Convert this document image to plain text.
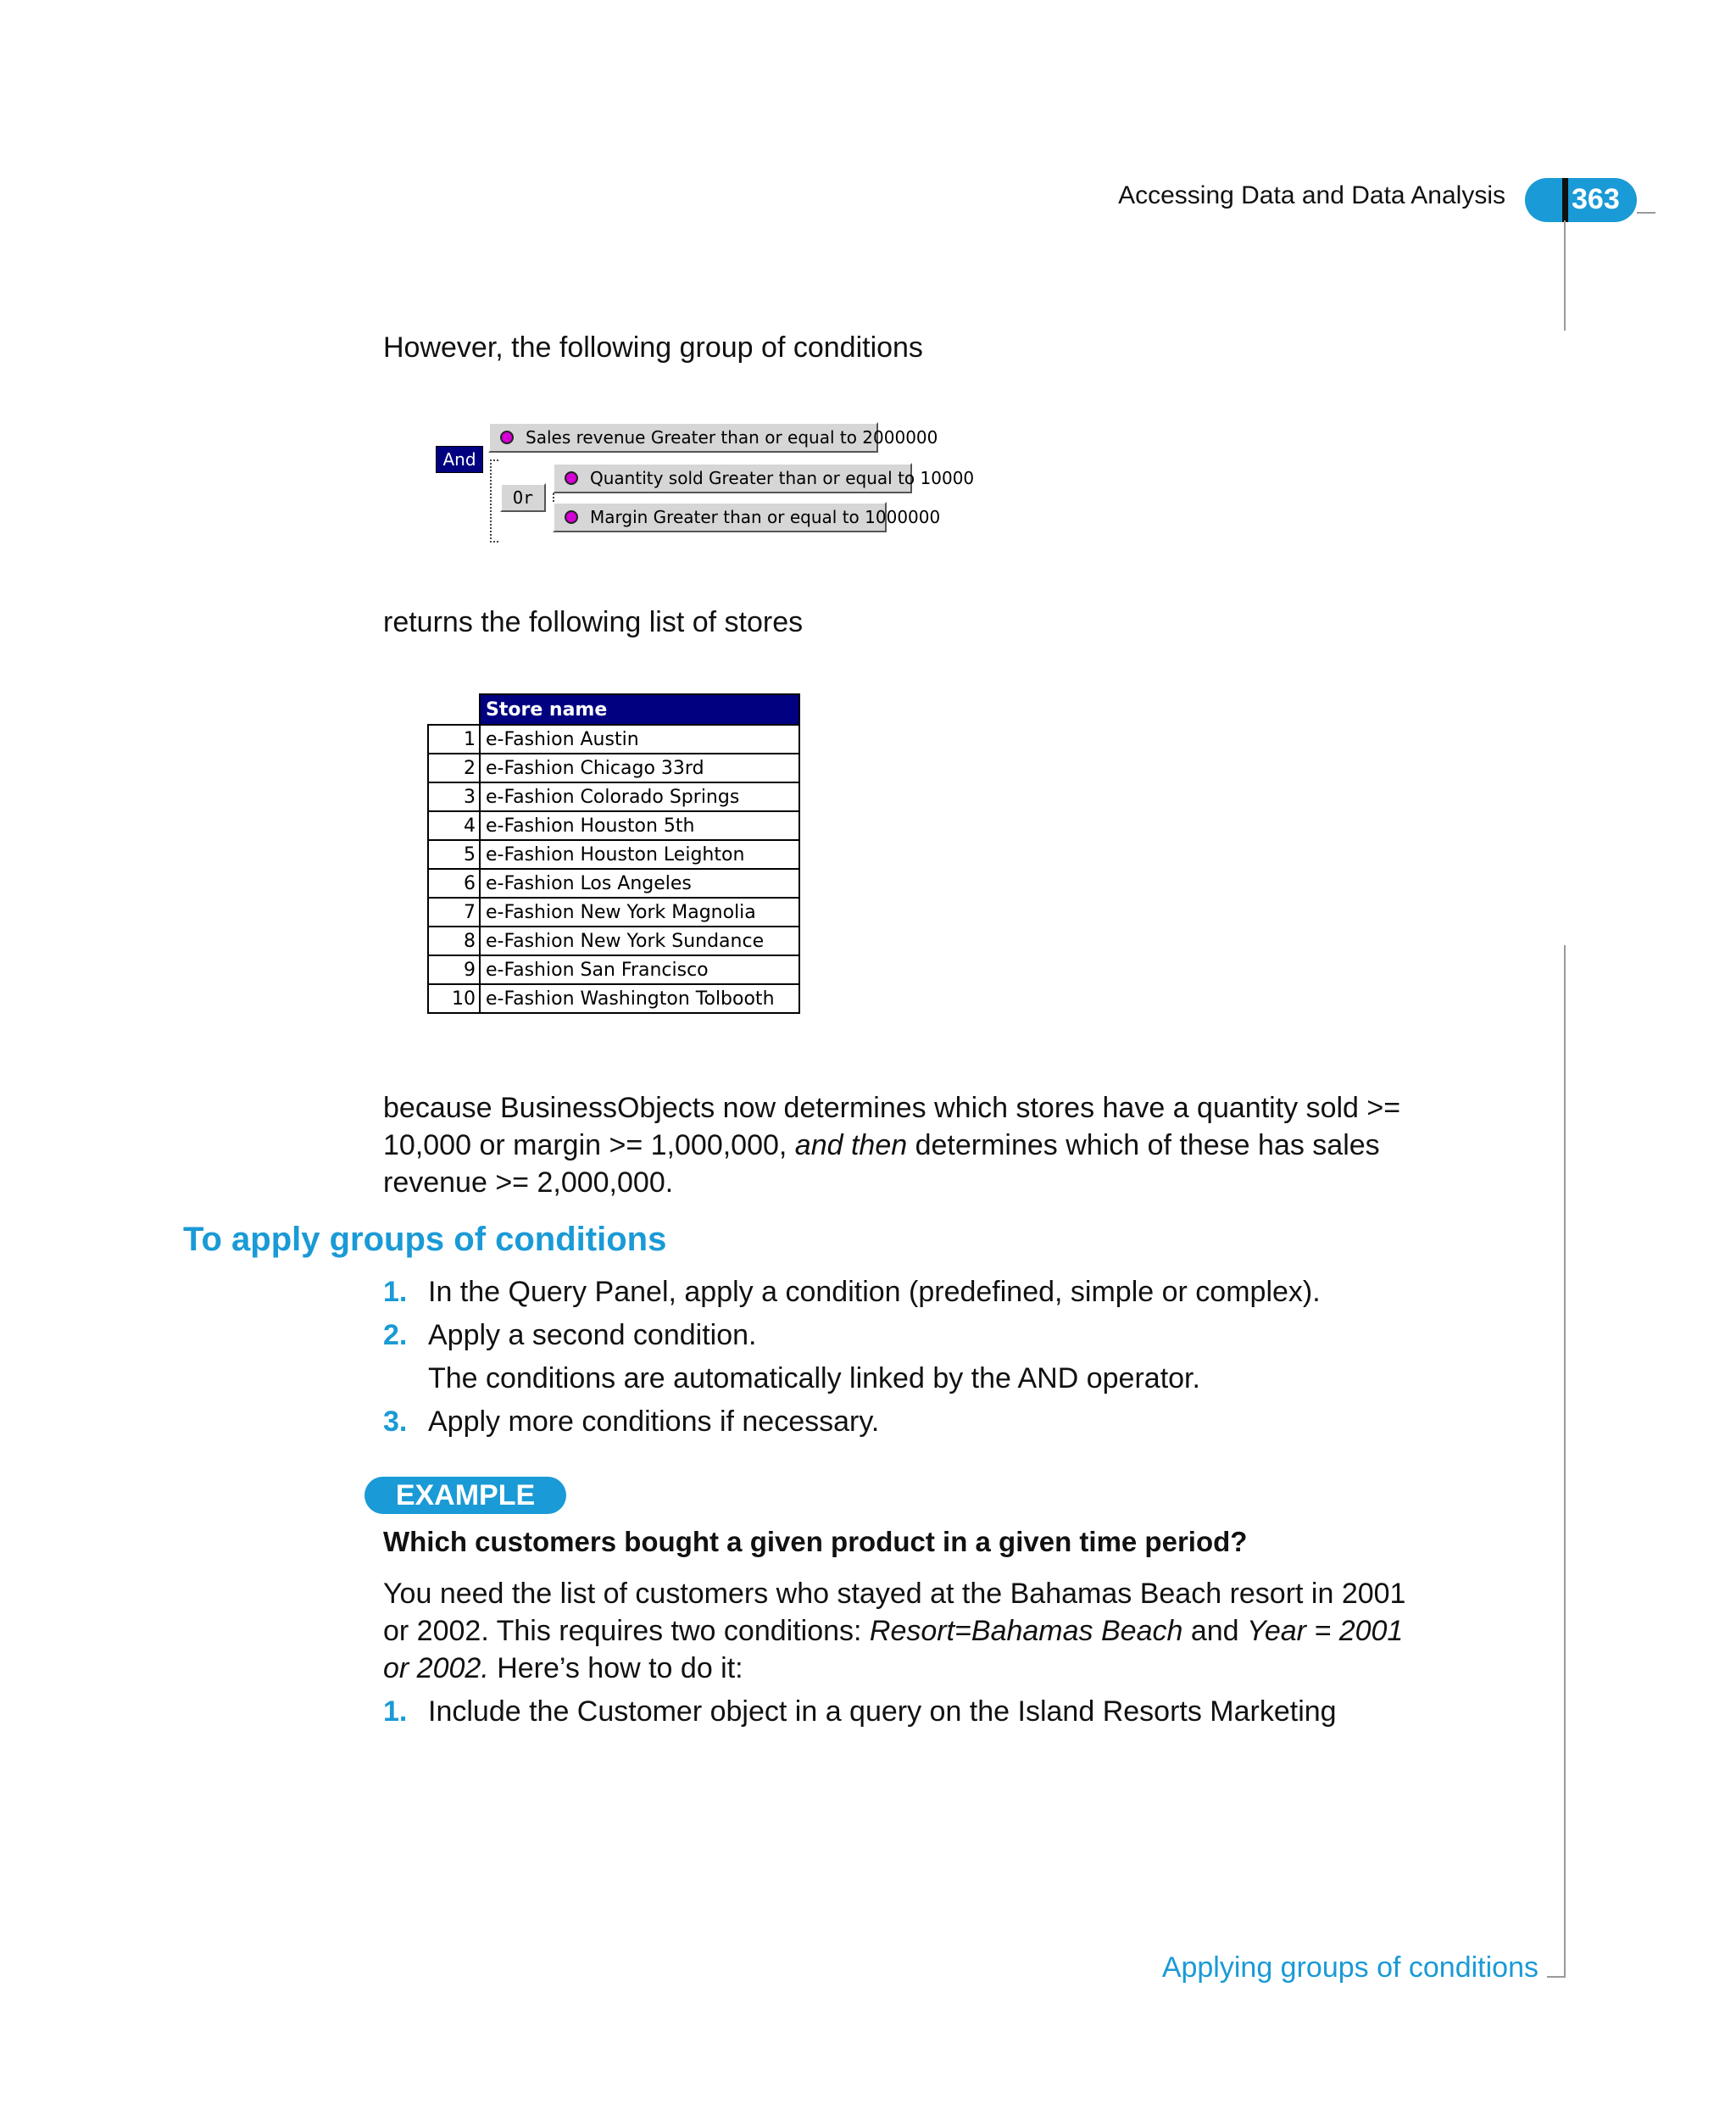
Accessing Data and Data Analysis 363
However, the following group of conditions
And
Sales revenue Greater than or equal to 2000000
Or
Quantity sold Greater than or equal to 10000
Margin Greater than or equal to 1000000
returns the following list of stores
	Store name
1	e-Fashion Austin
2	e-Fashion Chicago 33rd
3	e-Fashion Colorado Springs
4	e-Fashion Houston 5th
5	e-Fashion Houston Leighton
6	e-Fashion Los Angeles
7	e-Fashion New York Magnolia
8	e-Fashion New York Sundance
9	e-Fashion San Francisco
10	e-Fashion Washington Tolbooth
because BusinessObjects now determines which stores have a quantity sold >=
10,000 or margin >= 1,000,000, and then determines which of these has sales
revenue >= 2,000,000.
To apply groups of conditions
1. In the Query Panel, apply a condition (predefined, simple or complex).
2. Apply a second condition.
The conditions are automatically linked by the AND operator.
3. Apply more conditions if necessary.
EXAMPLE
Which customers bought a given product in a given time period?
You need the list of customers who stayed at the Bahamas Beach resort in 2001
or 2002. This requires two conditions: Resort=Bahamas Beach and Year = 2001
or 2002. Here’s how to do it:
1. Include the Customer object in a query on the Island Resorts Marketing
Applying groups of conditions
